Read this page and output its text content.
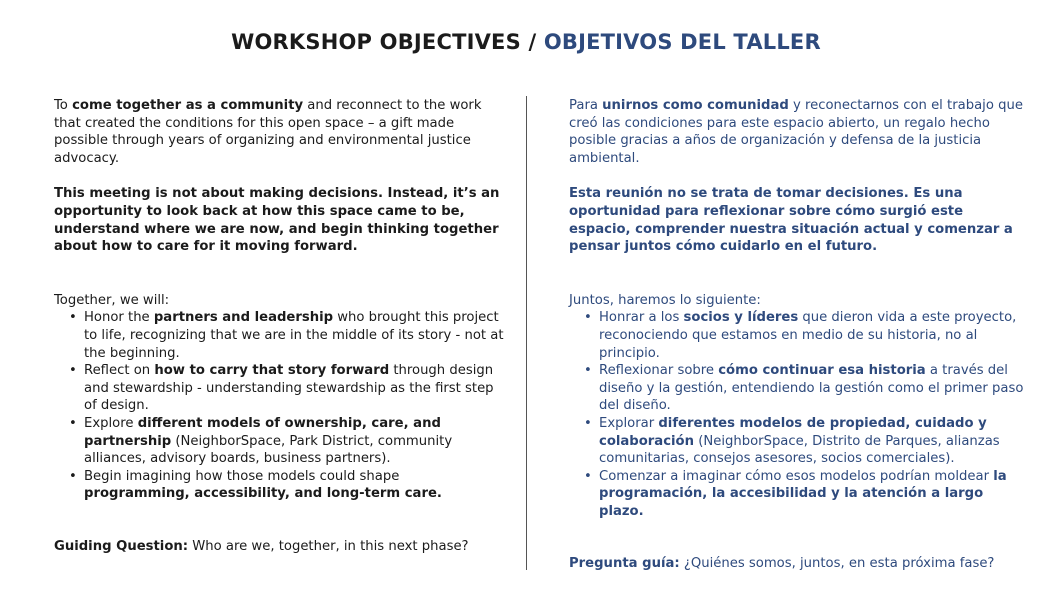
WORKSHOP OBJECTIVES / OBJETIVOS DEL TALLER

To come together as a community and reconnect to the work that created the conditions for this open space – a gift made possible through years of organizing and environmental justice advocacy.

This meeting is not about making decisions. Instead, it’s an opportunity to look back at how this space came to be, understand where we are now, and begin thinking together about how to care for it moving forward.

Together, we will:

• Honor the partners and leadership who brought this project to life, recognizing that we are in the middle of its story - not at the beginning.
• Reflect on how to carry that story forward through design and stewardship - understanding stewardship as the first step of design.
• Explore different models of ownership, care, and partnership (NeighborSpace, Park District, community alliances, advisory boards, business partners).
• Begin imagining how those models could shape programming, accessibility, and long-term care.

Guiding Question: Who are we, together, in this next phase?

Para unirnos como comunidad y reconectarnos con el trabajo que creó las condiciones para este espacio abierto, un regalo hecho posible gracias a años de organización y defensa de la justicia ambiental.

Esta reunión no se trata de tomar decisiones. Es una oportunidad para reflexionar sobre cómo surgió este espacio, comprender nuestra situación actual y comenzar a pensar juntos cómo cuidarlo en el futuro.

Juntos, haremos lo siguiente:

• Honrar a los socios y líderes que dieron vida a este proyecto, reconociendo que estamos en medio de su historia, no al principio.
• Reflexionar sobre cómo continuar esa historia a través del diseño y la gestión, entendiendo la gestión como el primer paso del diseño.
• Explorar diferentes modelos de propiedad, cuidado y colaboración (NeighborSpace, Distrito de Parques, alianzas comunitarias, consejos asesores, socios comerciales).
• Comenzar a imaginar cómo esos modelos podrían moldear la programación, la accesibilidad y la atención a largo plazo.

Pregunta guía: ¿Quiénes somos, juntos, en esta próxima fase?
